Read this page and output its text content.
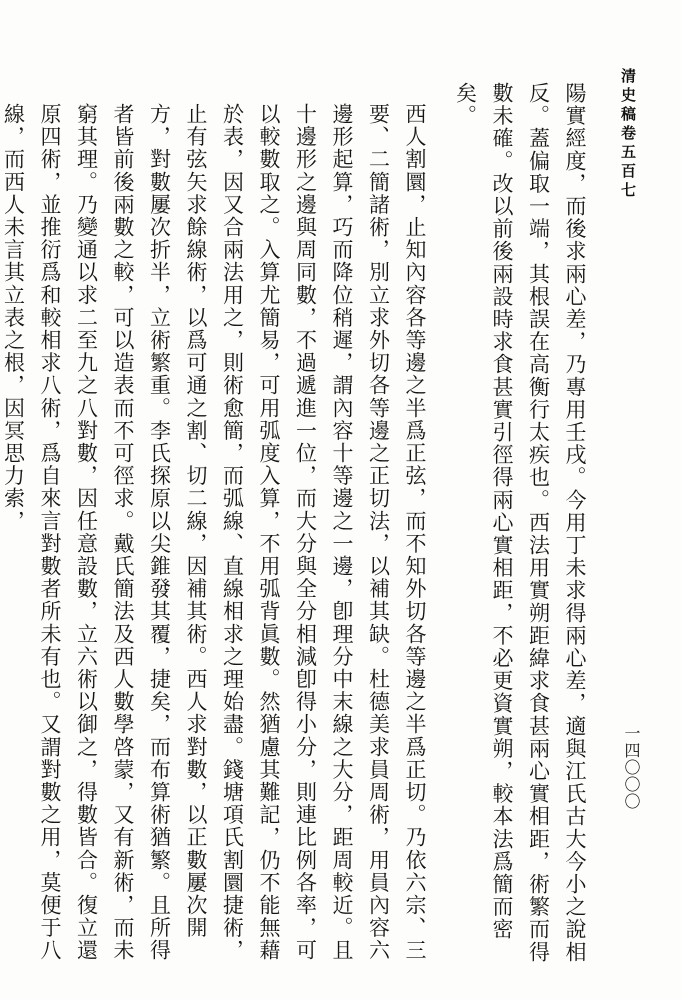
清史稿卷五百七

陽實經度，而後求兩心差，乃專用壬戌。今用丁未求得兩心差，適與江氏古大今小之說相反。蓋偏取一端，其根誤在高衡行太疾也。西法用實朔距緯求食甚兩心實相距，術繁而得數未確。改以前後兩設時求食甚實引徑得兩心實相距，不必更資實朔，較本法爲簡而密矣。

西人割圜，止知內容各等邊之半爲正弦，而不知外切各等邊之半爲正切。乃依六宗、三要、二簡諸術，別立求外切各等邊之正切法，以補其缺。杜德美求員周術，用員內容六邊形起算，巧而降位稍遲，謂內容十等邊之一邊，卽理分中末線之大分，距周較近。且十邊形之邊與周同數，不過遞進一位，而大分與全分相減卽得小分，則連比例各率，可以較數取之。入算尤簡易，可用弧度入算，不用弧背眞數。然猶慮其難記，仍不能無藉於表，因又合兩法用之，則術愈簡，而弧線、直線相求之理始盡。錢塘項氏割圜捷術，止有弦矢求餘線術，以爲可通之割、切二線，因補其術。西人求對數，以正數屢次開方，對數屢次折半，立術繁重。李氏探原以尖錐發其覆，捷矣，而布算術猶繁。且所得者皆前後兩數之較，可以造表而不可徑求。戴氏簡法及西人數學啓蒙，又有新術，而未窮其理。乃變通以求二至九之八對數，因任意設數，立六術以御之，得數皆合。復立還原四術，並推衍爲和較相求八術，爲自來言對數者所未有也。又謂對數之用，莫便于八線，而西人未言其立表之根，因冥思力索，

一四〇〇〇
